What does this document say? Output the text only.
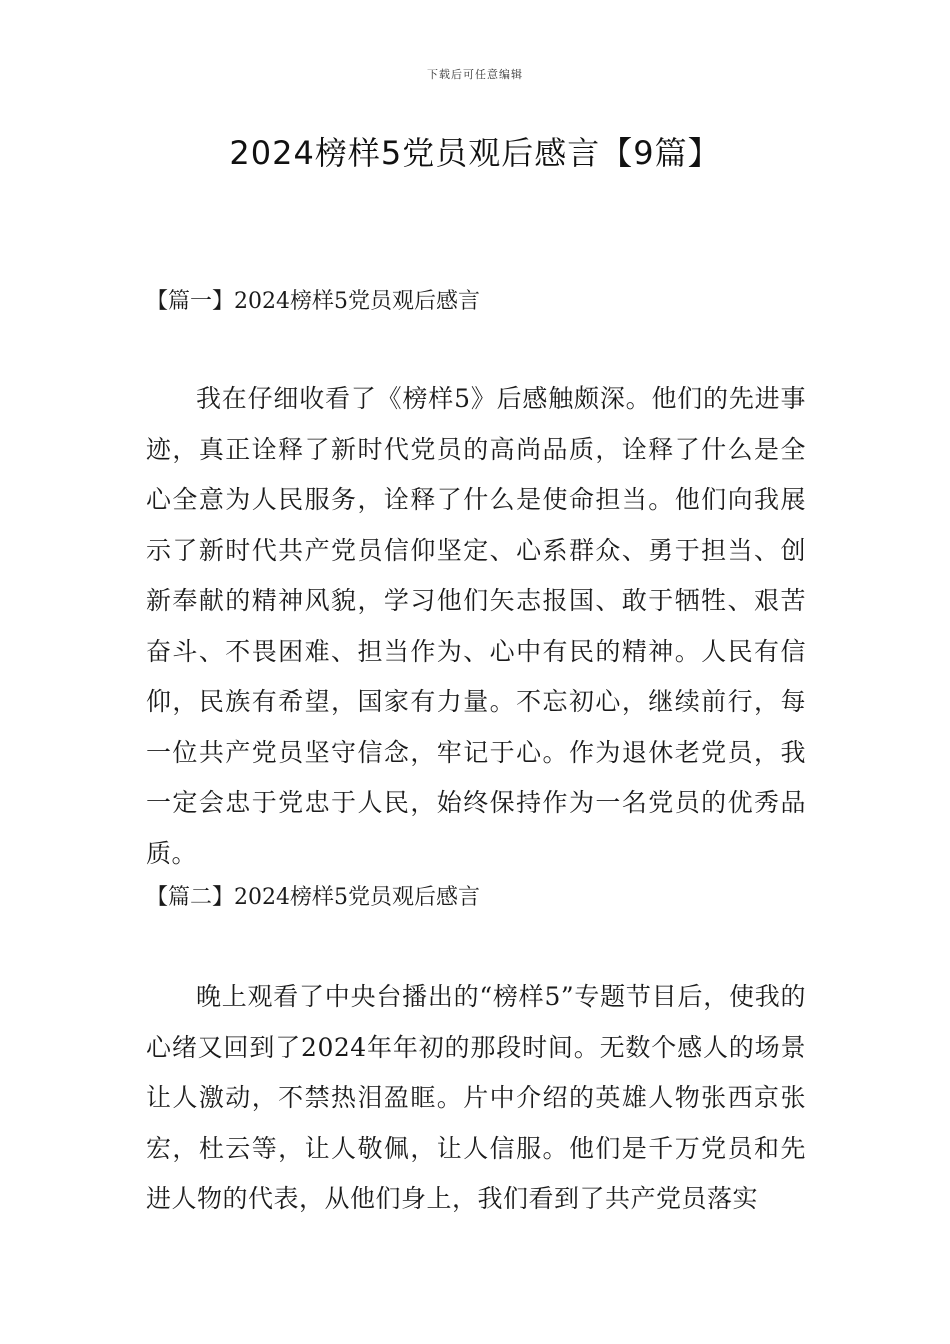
下载后可任意编辑
2024榜样5党员观后感言【9篇】
【篇一】2024榜样5党员观后感言

我在仔细收看了《榜样5》后感触颇深。他们的先进事迹，真正诠释了新时代党员的高尚品质，诠释了什么是全心全意为人民服务，诠释了什么是使命担当。他们向我展示了新时代共产党员信仰坚定、心系群众、勇于担当、创新奉献的精神风貌，学习他们矢志报国、敢于牺牲、艰苦奋斗、不畏困难、担当作为、心中有民的精神。人民有信仰，民族有希望，国家有力量。不忘初心，继续前行，每一位共产党员坚守信念，牢记于心。作为退休老党员，我一定会忠于党忠于人民，始终保持作为一名党员的优秀品质。

【篇二】2024榜样5党员观后感言

晚上观看了中央台播出的“榜样5”专题节目后，使我的心绪又回到了2024年年初的那段时间。无数个感人的场景让人激动，不禁热泪盈眶。片中介绍的英雄人物张西京张宏，杜云等，让人敬佩，让人信服。他们是千万党员和先进人物的代表，从他们身上，我们看到了共产党员落实
